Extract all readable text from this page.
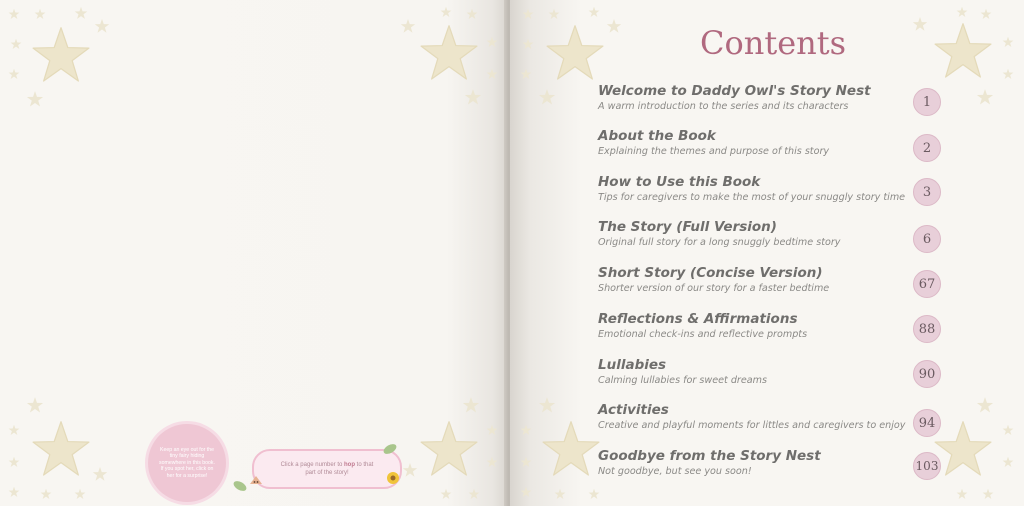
Keep an eye out for the tiny fairy hiding somewhere in this book. If you spot her, click on her for a surprise!
Click a page number to hop to that part of the story!
Contents
Welcome to Daddy Owl's Story Nest
A warm introduction to the series and its characters	1
About the Book
Explaining the themes and purpose of this story	2
How to Use this Book
Tips for caregivers to make the most of your snuggly story time	3
The Story (Full Version)
Original full story for a long snuggly bedtime story	6
Short Story (Concise Version)
Shorter version of our story for a faster bedtime	67
Reflections & Affirmations
Emotional check-ins and reflective prompts	88
Lullabies
Calming lullabies for sweet dreams	90
Activities
Creative and playful moments for littles and caregivers to enjoy	94
Goodbye from the Story Nest
Not goodbye, but see you soon!	103
